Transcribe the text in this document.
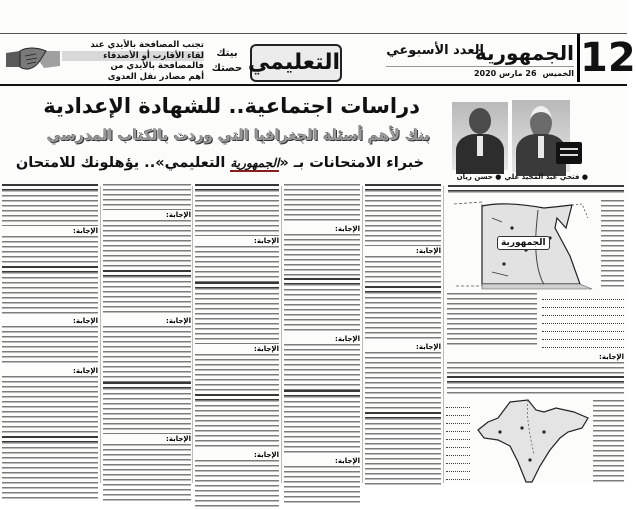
12
الجمهورية
العدد الأسبوعي
الخميس
26 مارس 2020
التعليمي
بيتك
حصتك
تجنب المصافحة بالأيدي عند
لقاء الأقارب أو الأصدقاء
فالمصافحة بالأيدي من
أهم مصادر نقل العدوى
دراسات اجتماعية.. للشهادة الإعدادية
بنك لأهم أسئلة الجغرافيا التي وردت بالكتاب المدرسي
خبراء الامتحانات بـ «الجمهورية التعليمي».. يؤهلونك للامتحان
● فتحي عبد المجيد علي
● حسن ريان
الإجابة:
الإجابة:
الإجابة:
الإجابة:
الإجابة:
الإجابة:
الإجابة:
الإجابة:
الإجابة:
الإجابة:
الإجابة:
الإجابة:
الإجابة:
الإجابة:
الجمهورية
الإجابة:
